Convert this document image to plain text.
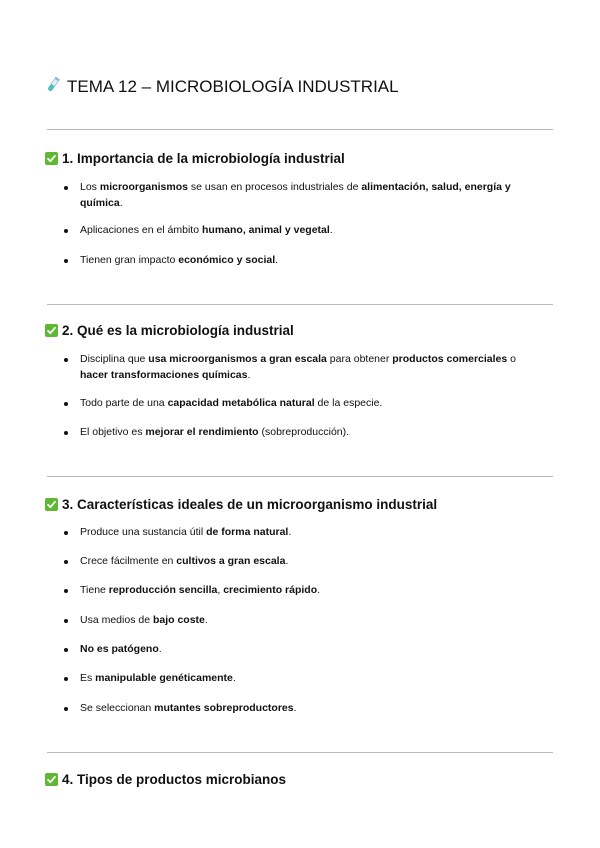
TEMA 12 – MICROBIOLOGÍA INDUSTRIAL
1. Importancia de la microbiología industrial
Los microorganismos se usan en procesos industriales de alimentación, salud, energía y química.
Aplicaciones en el ámbito humano, animal y vegetal.
Tienen gran impacto económico y social.
2. Qué es la microbiología industrial
Disciplina que usa microorganismos a gran escala para obtener productos comerciales o hacer transformaciones químicas.
Todo parte de una capacidad metabólica natural de la especie.
El objetivo es mejorar el rendimiento (sobreproducción).
3. Características ideales de un microorganismo industrial
Produce una sustancia útil de forma natural.
Crece fácilmente en cultivos a gran escala.
Tiene reproducción sencilla, crecimiento rápido.
Usa medios de bajo coste.
No es patógeno.
Es manipulable genéticamente.
Se seleccionan mutantes sobreproductores.
4. Tipos de productos microbianos
